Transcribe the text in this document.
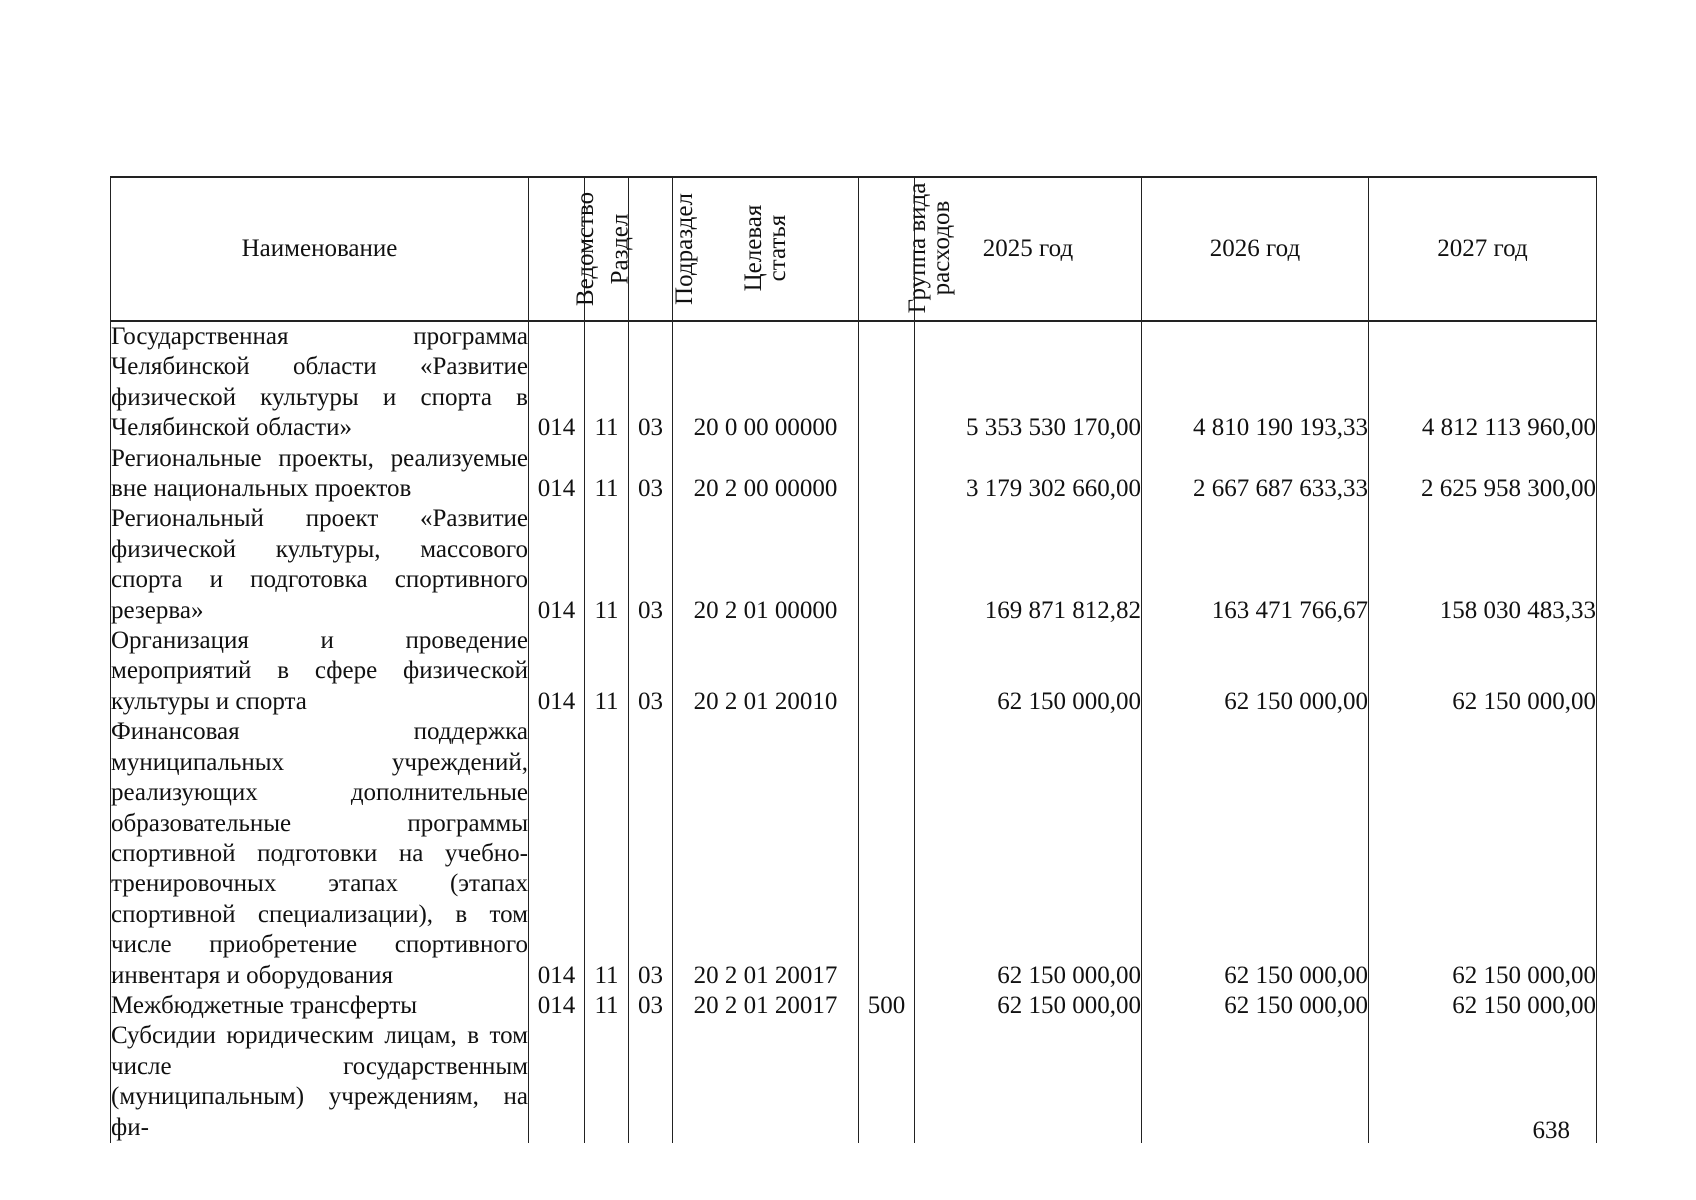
Наименование	Ведомство	Раздел	Подраздел	Целевая статья	Группа вида расходов	2025 год	2026 год	2027 год
Государственная программа Челябинской области «Развитие физической культуры и спорта в Челябинской области»	014	11	03	20 0 00 00000		5 353 530 170,00	4 810 190 193,33	4 812 113 960,00
Региональные проекты, реализуемые вне национальных проектов	014	11	03	20 2 00 00000		3 179 302 660,00	2 667 687 633,33	2 625 958 300,00
Региональный проект «Развитие физической культуры, массового спорта и подготовка спортивного резерва»	014	11	03	20 2 01 00000		169 871 812,82	163 471 766,67	158 030 483,33
Организация и проведение мероприятий в сфере физической культуры и спорта	014	11	03	20 2 01 20010		62 150 000,00	62 150 000,00	62 150 000,00
Финансовая поддержка муниципальных учреждений, реализующих дополнительные образовательные программы спортивной подготовки на учебно-тренировочных этапах (этапах спортивной специализации), в том числе приобретение спортивного инвентаря и оборудования	014	11	03	20 2 01 20017		62 150 000,00	62 150 000,00	62 150 000,00
Межбюджетные трансферты	014	11	03	20 2 01 20017	500	62 150 000,00	62 150 000,00	62 150 000,00
Субсидии юридическим лицам, в том числе государственным (муниципальным) учреждениям, на фи-									638
